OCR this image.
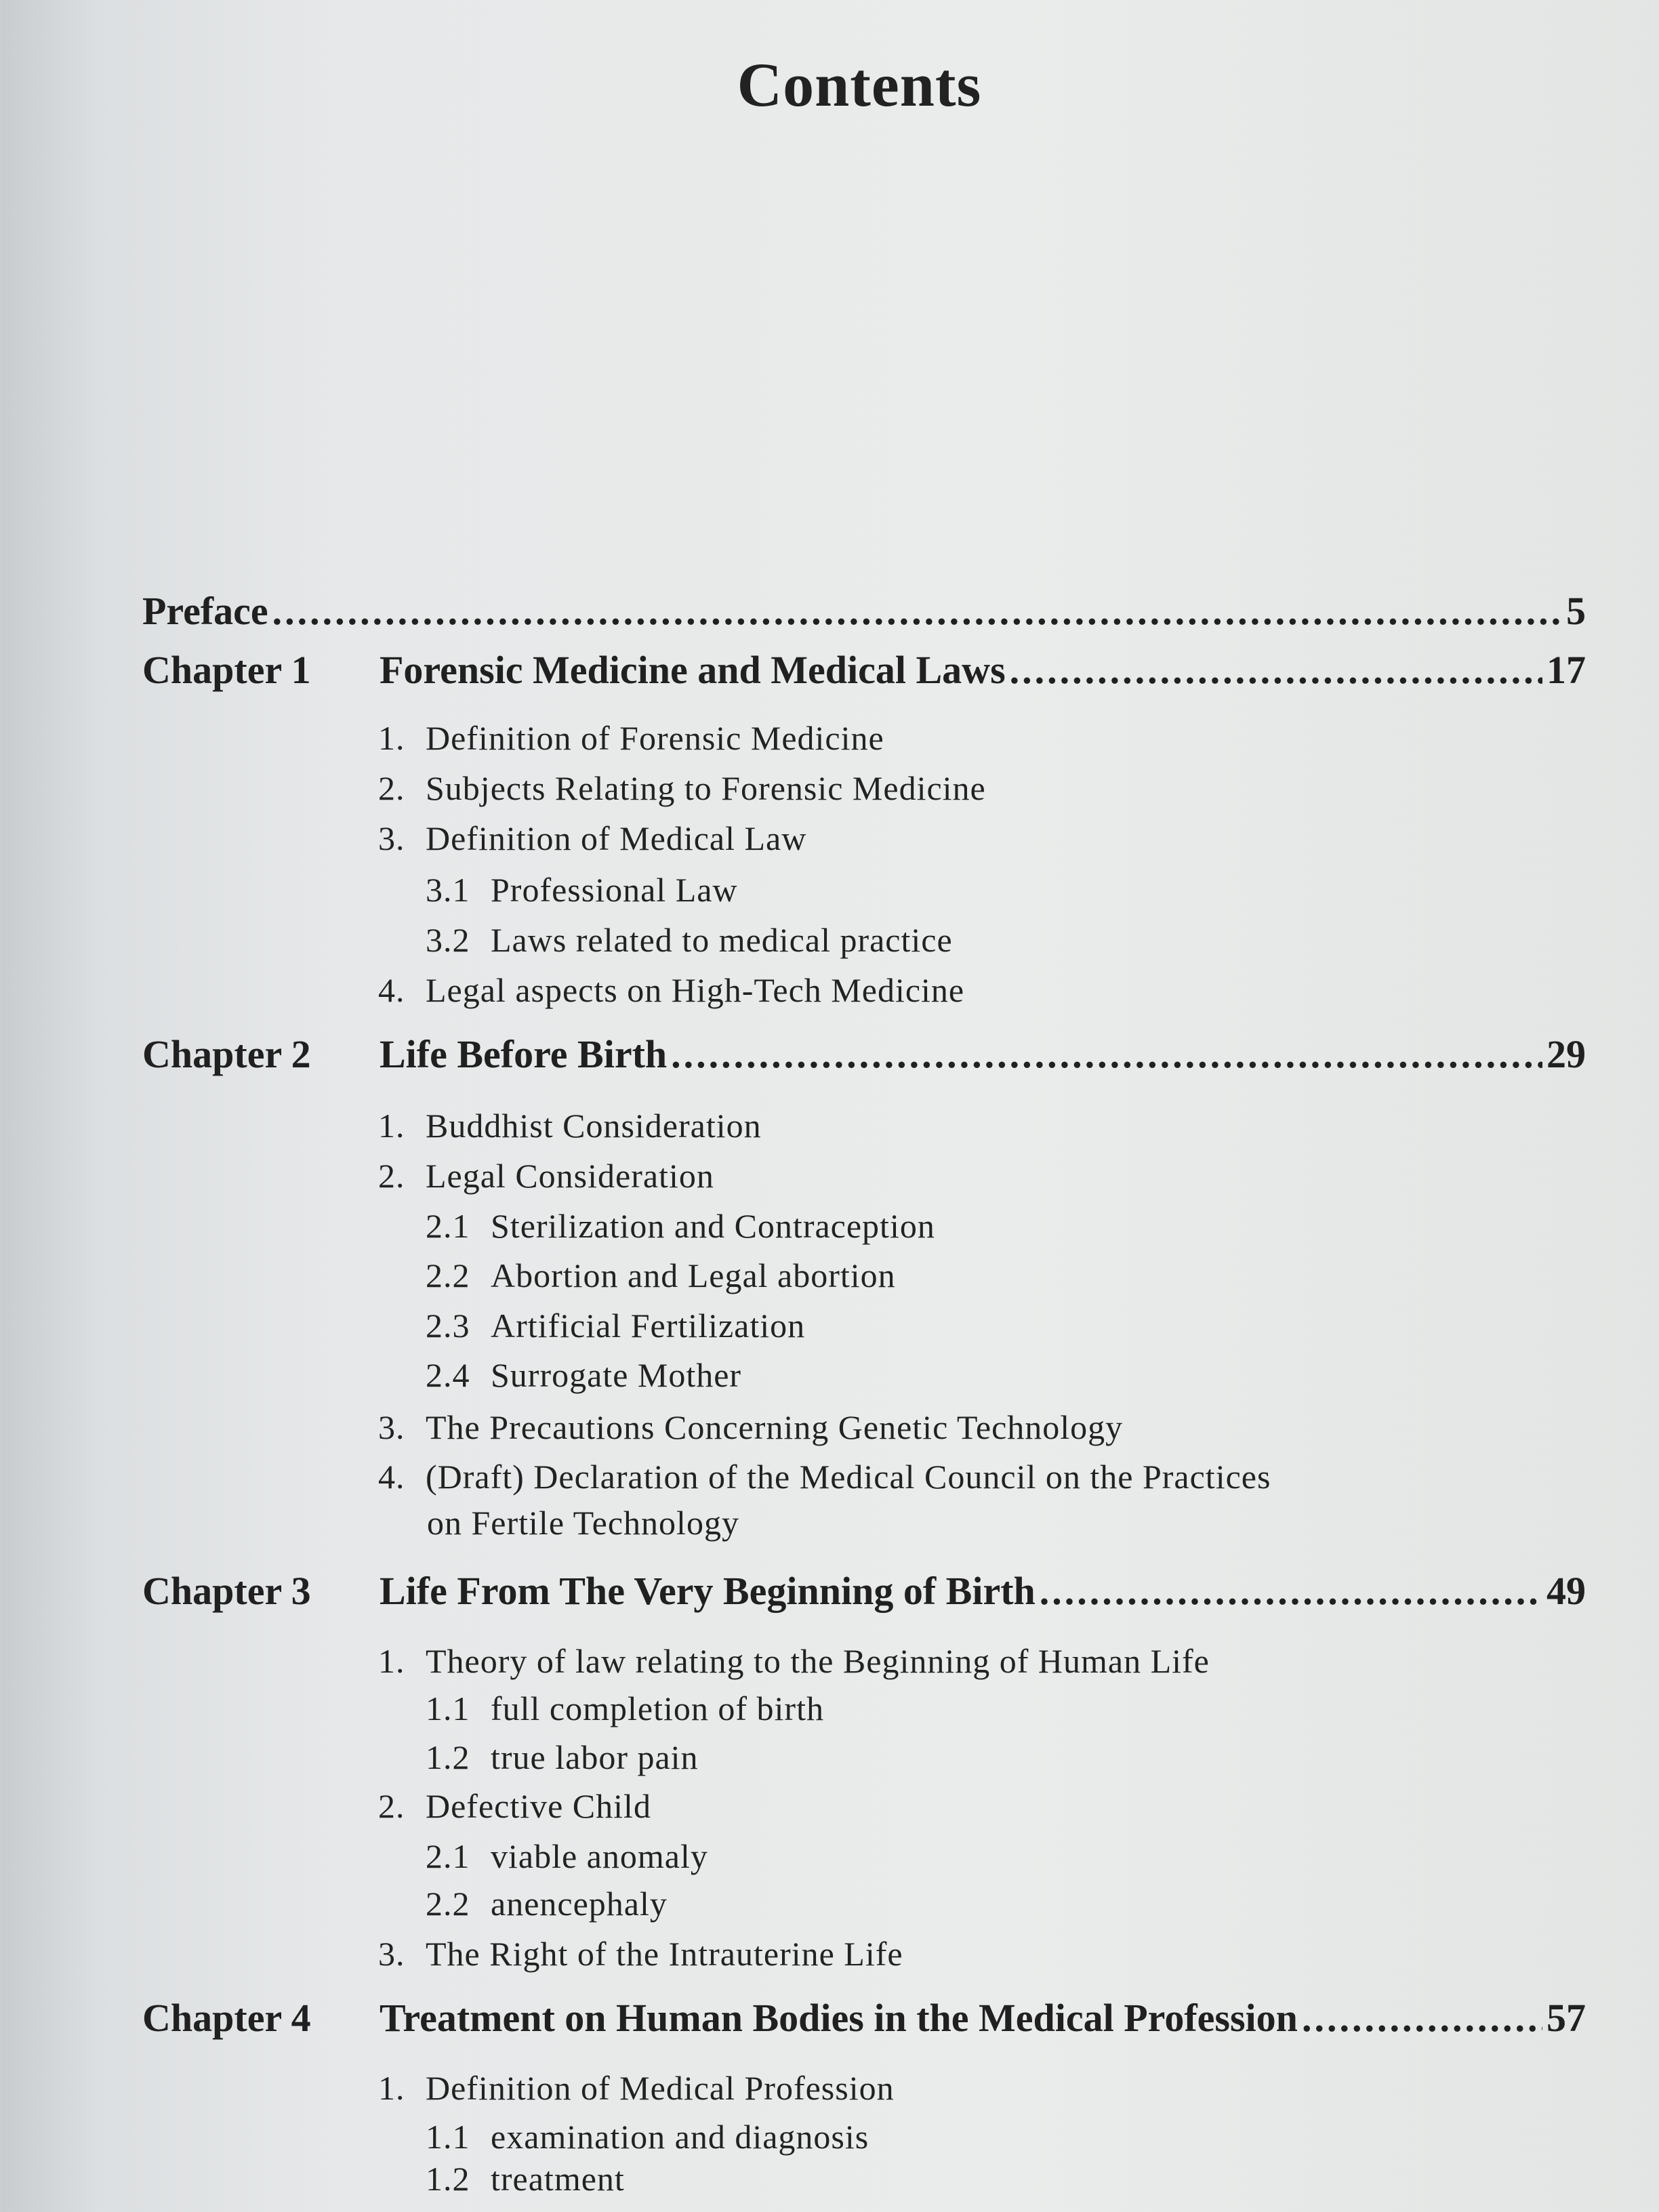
Contents
Preface .....	5
Chapter 1	Forensic Medicine and Medical Laws .....	17
1. Definition of Forensic Medicine
2. Subjects Relating to Forensic Medicine
3. Definition of Medical Law
3.1 Professional Law
3.2 Laws related to medical practice
4. Legal aspects on High-Tech Medicine
Chapter 2	Life Before Birth .....	29
1. Buddhist Consideration
2. Legal Consideration
2.1 Sterilization and Contraception
2.2 Abortion and Legal abortion
2.3 Artificial Fertilization
2.4 Surrogate Mother
3. The Precautions Concerning Genetic Technology
4. (Draft) Declaration of the Medical Council on the Practices
on Fertile Technology
Chapter 3	Life From The Very Beginning of Birth .....	49
1. Theory of law relating to the Beginning of Human Life
1.1 full completion of birth
1.2 true labor pain
2. Defective Child
2.1 viable anomaly
2.2 anencephaly
3. The Right of the Intrauterine Life
Chapter 4	Treatment on Human Bodies in the Medical Profession .....	57
1. Definition of Medical Profession
1.1 examination and diagnosis
1.2 treatment
